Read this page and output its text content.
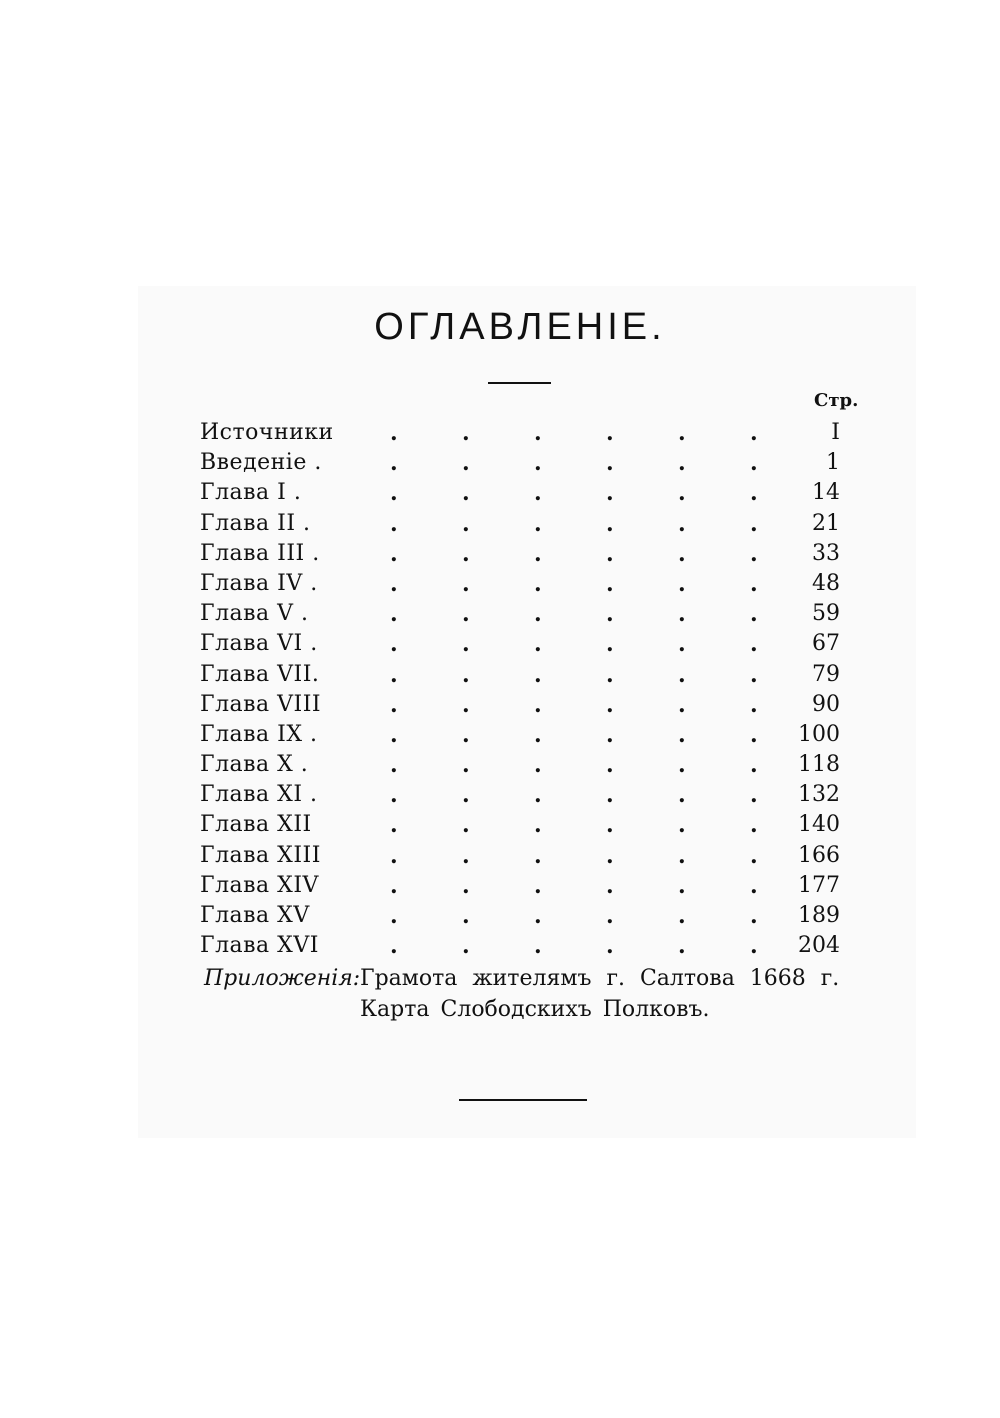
ОГЛАВЛЕНІЕ.
Стр.
Источники	.	.	.	.	.	.	I
Введеніе .	.	.	.	.	.	.	1
Глава I .	.	.	.	.	.	. 14
Глава II .	.	.	.	.	.	. 21
Глава III .	.	.	.	.	.	. 33
Глава IV .	.	.	.	.	.	. 48
Глава V .	.	.	.	.	.	. 59
Глава VI .	.	.	.	.	.	. 67
Глава VII.	.	.	.	.	.	. 79
Глава VIII	.	.	.	.	.	. 90
Глава IX .	.	.	.	.	.	. 100
Глава X .	.	.	.	.	.	. 118
Глава XI .	.	.	.	.	.	. 132
Глава XII	.	.	.	.	.	. 140
Глава XIII	.	.	.	.	.	. 166
Глава XIV	.	.	.	.	.	. 177
Глава XV	.	.	.	.	.	. 189
Глава XVI	.	.	.	.	.	. 204
Приложенія:Грамота жителямъ г. Салтова 1668 г.
Карта Слободскихъ Полковъ.
